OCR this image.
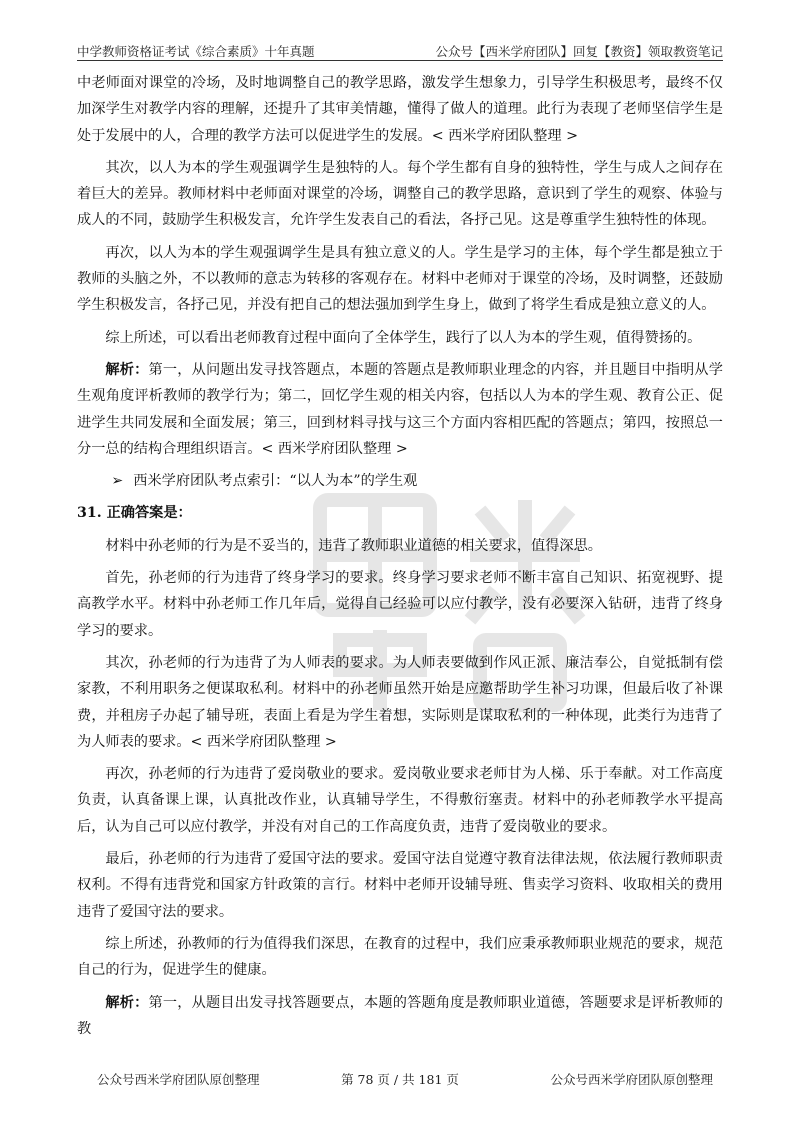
中学教师资格证考试《综合素质》十年真题	公众号【西米学府团队】回复【教资】领取教资笔记

中老师面对课堂的冷场，及时地调整自己的教学思路，激发学生想象力，引导学生积极思考，最终不仅加深学生对教学内容的理解，还提升了其审美情趣，懂得了做人的道理。此行为表现了老师坚信学生是处于发展中的人，合理的教学方法可以促进学生的发展。< 西米学府团队整理 >

其次，以人为本的学生观强调学生是独特的人。每个学生都有自身的独特性，学生与成人之间存在着巨大的差异。教师材料中老师面对课堂的冷场，调整自己的教学思路，意识到了学生的观察、体验与成人的不同，鼓励学生积极发言，允许学生发表自己的看法，各抒己见。这是尊重学生独特性的体现。

再次，以人为本的学生观强调学生是具有独立意义的人。学生是学习的主体，每个学生都是独立于教师的头脑之外，不以教师的意志为转移的客观存在。材料中老师对于课堂的冷场，及时调整，还鼓励学生积极发言，各抒己见，并没有把自己的想法强加到学生身上，做到了将学生看成是独立意义的人。

综上所述，可以看出老师教育过程中面向了全体学生，践行了以人为本的学生观，值得赞扬的。

解析：第一，从问题出发寻找答题点，本题的答题点是教师职业理念的内容，并且题目中指明从学生观角度评析教师的教学行为；第二，回忆学生观的相关内容，包括以人为本的学生观、教育公正、促进学生共同发展和全面发展；第三，回到材料寻找与这三个方面内容相匹配的答题点；第四，按照总一分一总的结构合理组织语言。< 西米学府团队整理 >

➢ 西米学府团队考点索引：“以人为本”的学生观

31. 正确答案是：

材料中孙老师的行为是不妥当的，违背了教师职业道德的相关要求，值得深思。

首先，孙老师的行为违背了终身学习的要求。终身学习要求老师不断丰富自己知识、拓宽视野、提高教学水平。材料中孙老师工作几年后，觉得自己经验可以应付教学，没有必要深入钻研，违背了终身学习的要求。

其次，孙老师的行为违背了为人师表的要求。为人师表要做到作风正派、廉洁奉公，自觉抵制有偿家教，不利用职务之便谋取私利。材料中的孙老师虽然开始是应邀帮助学生补习功课，但最后收了补课费，并租房子办起了辅导班，表面上看是为学生着想，实际则是谋取私利的一种体现，此类行为违背了为人师表的要求。< 西米学府团队整理 >

再次，孙老师的行为违背了爱岗敬业的要求。爱岗敬业要求老师甘为人梯、乐于奉献。对工作高度负责，认真备课上课，认真批改作业，认真辅导学生，不得敷衍塞责。材料中的孙老师教学水平提高后，认为自己可以应付教学，并没有对自己的工作高度负责，违背了爱岗敬业的要求。

最后，孙老师的行为违背了爱国守法的要求。爱国守法自觉遵守教育法律法规，依法履行教师职责权利。不得有违背党和国家方针政策的言行。材料中老师开设辅导班、售卖学习资料、收取相关的费用违背了爱国守法的要求。

综上所述，孙教师的行为值得我们深思，在教育的过程中，我们应秉承教师职业规范的要求，规范自己的行为，促进学生的健康。

解析：第一，从题目出发寻找答题要点，本题的答题角度是教师职业道德，答题要求是评析教师的教

公众号西米学府团队原创整理	第 78 页 / 共 181 页	公众号西米学府团队原创整理
